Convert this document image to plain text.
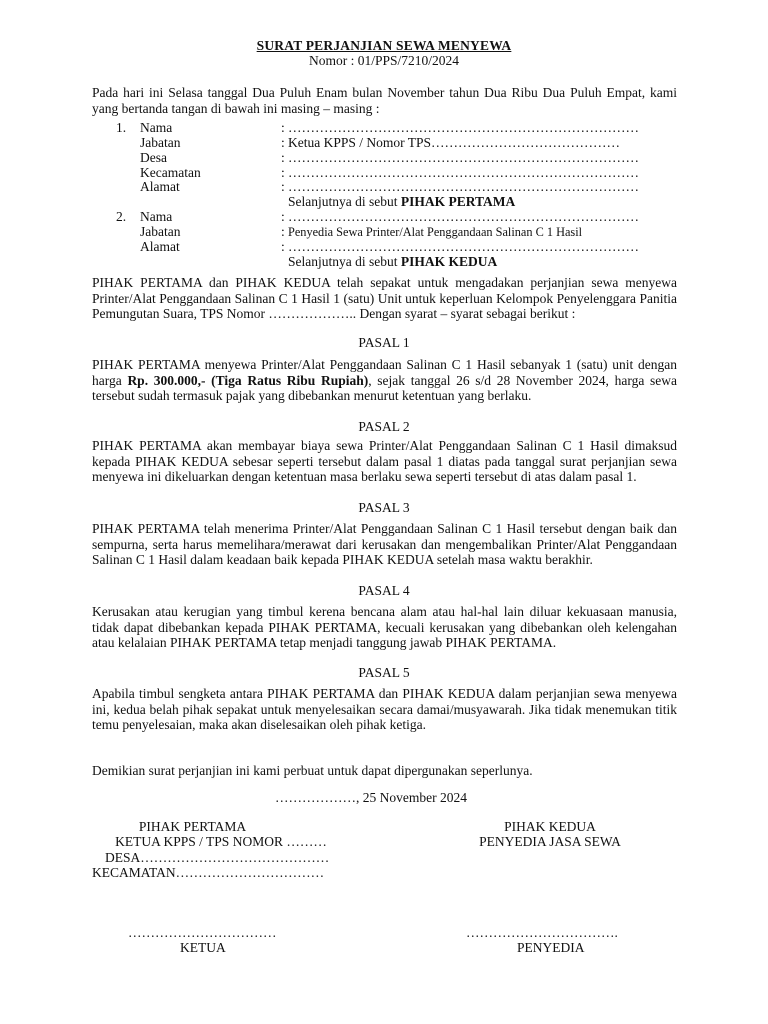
SURAT PERJANJIAN SEWA MENYEWA
Nomor : 01/PPS/7210/2024
Pada hari ini Selasa tanggal Dua Puluh Enam bulan November tahun Dua Ribu Dua Puluh Empat, kami yang bertanda tangan di bawah ini masing – masing :
1. Nama	: ……………………………………………………………………
Jabatan	: Ketua KPPS / Nomor TPS……………………………………
Desa	: ……………………………………………………………………
Kecamatan	: ……………………………………………………………………
Alamat	: ……………………………………………………………………
Selanjutnya di sebut PIHAK PERTAMA
2. Nama	: ……………………………………………………………………
Jabatan	: Penyedia Sewa Printer/Alat Penggandaan Salinan C 1 Hasil
Alamat	: ……………………………………………………………………
Selanjutnya di sebut PIHAK KEDUA
PIHAK PERTAMA dan PIHAK KEDUA telah sepakat untuk mengadakan perjanjian sewa menyewa Printer/Alat Penggandaan Salinan C 1 Hasil 1 (satu) Unit untuk keperluan Kelompok Penyelenggara Panitia Pemungutan Suara, TPS Nomor ……………….. Dengan syarat – syarat sebagai berikut :
PASAL 1
PIHAK PERTAMA menyewa Printer/Alat Penggandaan Salinan C 1 Hasil sebanyak 1 (satu) unit dengan harga Rp. 300.000,- (Tiga Ratus Ribu Rupiah), sejak tanggal 26 s/d 28 November 2024, harga sewa tersebut sudah termasuk pajak yang dibebankan menurut ketentuan yang berlaku.
PASAL 2
PIHAK PERTAMA akan membayar biaya sewa Printer/Alat Penggandaan Salinan C 1 Hasil dimaksud kepada PIHAK KEDUA sebesar seperti tersebut dalam pasal 1 diatas pada tanggal surat perjanjian sewa menyewa ini dikeluarkan dengan ketentuan masa berlaku sewa seperti tersebut di atas dalam pasal 1.
PASAL 3
PIHAK PERTAMA telah menerima Printer/Alat Penggandaan Salinan C 1 Hasil tersebut dengan baik dan sempurna, serta harus memelihara/merawat dari kerusakan dan mengembalikan Printer/Alat Penggandaan Salinan C 1 Hasil dalam keadaan baik kepada PIHAK KEDUA setelah masa waktu berakhir.
PASAL 4
Kerusakan atau kerugian yang timbul kerena bencana alam atau hal-hal lain diluar kekuasaan manusia, tidak dapat dibebankan kepada PIHAK PERTAMA, kecuali kerusakan yang dibebankan oleh kelengahan atau kelalaian PIHAK PERTAMA tetap menjadi tanggung jawab PIHAK PERTAMA.
PASAL 5
Apabila timbul sengketa antara PIHAK PERTAMA dan PIHAK KEDUA dalam perjanjian sewa menyewa ini, kedua belah pihak sepakat untuk menyelesaikan secara damai/musyawarah. Jika tidak menemukan titik temu penyelesaian, maka akan diselesaikan oleh pihak ketiga.
Demikian surat perjanjian ini kami perbuat untuk dapat dipergunakan seperlunya.
………………, 25 November 2024
PIHAK PERTAMA
KETUA KPPS / TPS NOMOR ………
DESA……………………………………
KECAMATAN……………………………
……………………………
KETUA
PIHAK KEDUA
PENYEDIA JASA SEWA
…………………………….
PENYEDIA
